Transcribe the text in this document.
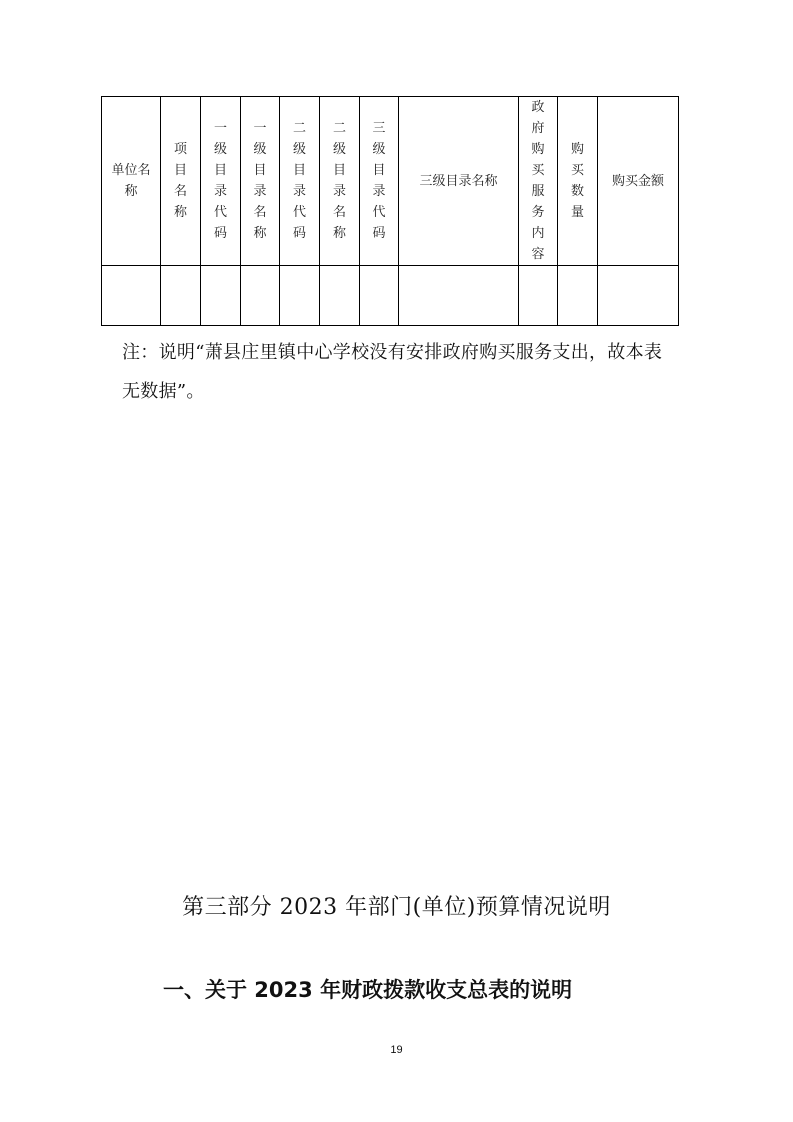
单位名称	项目名称	一级目录代码	一级目录名称	二级目录代码	二级目录名称	三级目录代码	三级目录名称	政府购买服务内容	购买数量	购买金额

注：说明“萧县庄里镇中心学校没有安排政府购买服务支出，故本表
无数据”。
第三部分 2023 年部门(单位)预算情况说明
一、关于 2023 年财政拨款收支总表的说明
19
